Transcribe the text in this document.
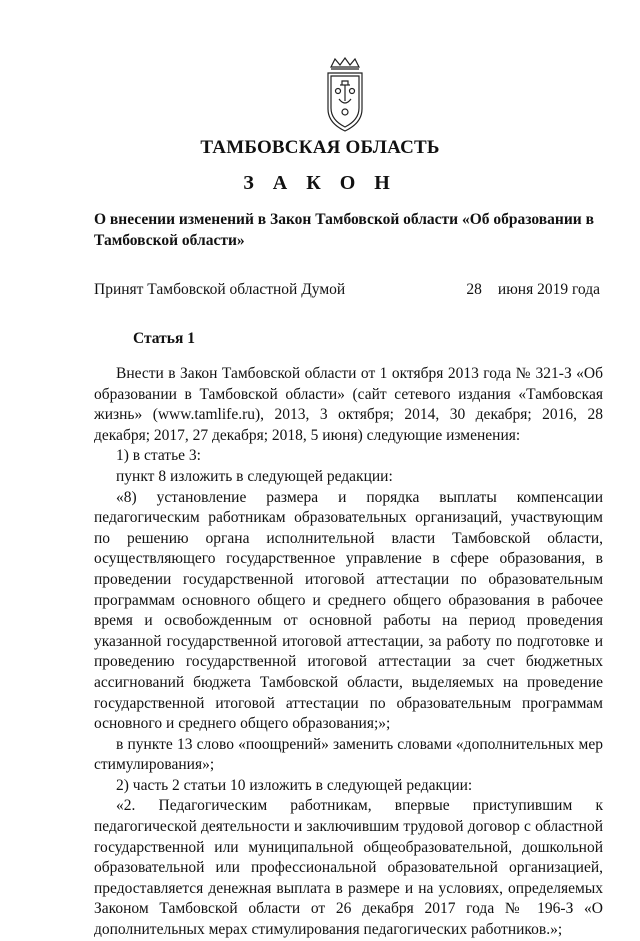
ТАМБОВСКАЯ ОБЛАСТЬ
З А К О Н

О внесении изменений в Закон Тамбовской области «Об образовании в Тамбовской области»

Принят Тамбовской областной Думой	28 июня 2019 года
Статья 1

Внести в Закон Тамбовской области от 1 октября 2013 года № 321-З «Об образовании в Тамбовской области» (сайт сетевого издания «Тамбовская жизнь» (www.tamlife.ru), 2013, 3 октября; 2014, 30 декабря; 2016, 28 декабря; 2017, 27 декабря; 2018, 5 июня) следующие изменения:

1) в статье 3:

пункт 8 изложить в следующей редакции:

«8) установление размера и порядка выплаты компенсации педагогическим работникам образовательных организаций, участвующим по решению органа исполнительной власти Тамбовской области, осуществляющего государственное управление в сфере образования, в проведении государственной итоговой аттестации по образовательным программам основного общего и среднего общего образования в рабочее время и освобожденным от основной работы на период проведения указанной государственной итоговой аттестации, за работу по подготовке и проведению государственной итоговой аттестации за счет бюджетных ассигнований бюджета Тамбовской области, выделяемых на проведение государственной итоговой аттестации по образовательным программам основного и среднего общего образования;»;

в пункте 13 слово «поощрений» заменить словами «дополнительных мер стимулирования»;

2) часть 2 статьи 10 изложить в следующей редакции:

«2. Педагогическим работникам, впервые приступившим к педагогической деятельности и заключившим трудовой договор с областной государственной или муниципальной общеобразовательной, дошкольной образовательной или профессиональной образовательной организацией, предоставляется денежная выплата в размере и на условиях, определяемых Законом Тамбовской области от 26 декабря 2017 года № 196-З «О дополнительных мерах стимулирования педагогических работников.»;
